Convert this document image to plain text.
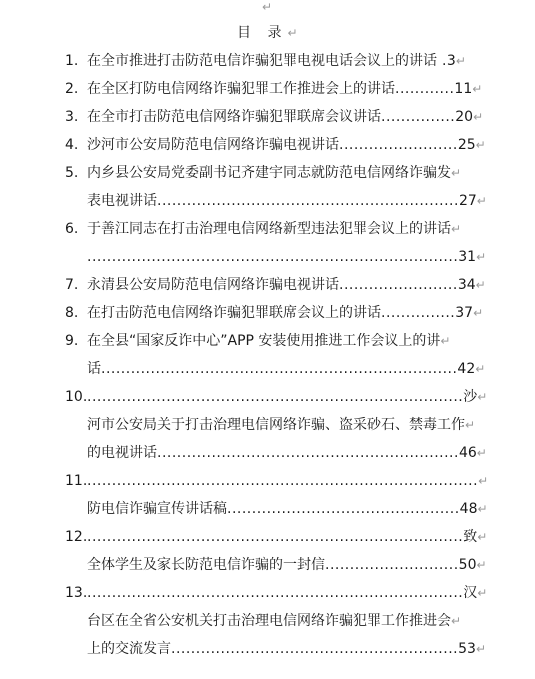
↵
目 录↵
1. 在全市推进打击防范电信诈骗犯罪电视电话会议上的讲话 .3↵
2. 在全区打防电信网络诈骗犯罪工作推进会上的讲话............11↵
3. 在全市打击防范电信网络诈骗犯罪联席会议讲话...............20↵
4. 沙河市公安局防范电信网络诈骗电视讲话........................25↵
5. 内乡县公安局党委副书记齐建宇同志就防范电信网络诈骗发↵
表电视讲话.............................................................27↵
6. 于善江同志在打击治理电信网络新型违法犯罪会议上的讲话↵
...........................................................................31↵
7. 永清县公安局防范电信网络诈骗电视讲话........................34↵
8. 在打击防范电信网络诈骗犯罪联席会议上的讲话...............37↵
9. 在全县“国家反诈中心”APP 安装使用推进工作会议上的讲↵
话........................................................................42↵
10. ............................................................................沙↵
河市公安局关于打击治理电信网络诈骗、盗采砂石、禁毒工作↵
的电视讲话.............................................................46↵
11. ...............................................................................↵
防电信诈骗宣传讲话稿...............................................48↵
12. ............................................................................致↵
全体学生及家长防范电信诈骗的一封信...........................50↵
13. ............................................................................汉↵
台区在全省公安机关打击治理电信网络诈骗犯罪工作推进会↵
上的交流发言..........................................................53↵
